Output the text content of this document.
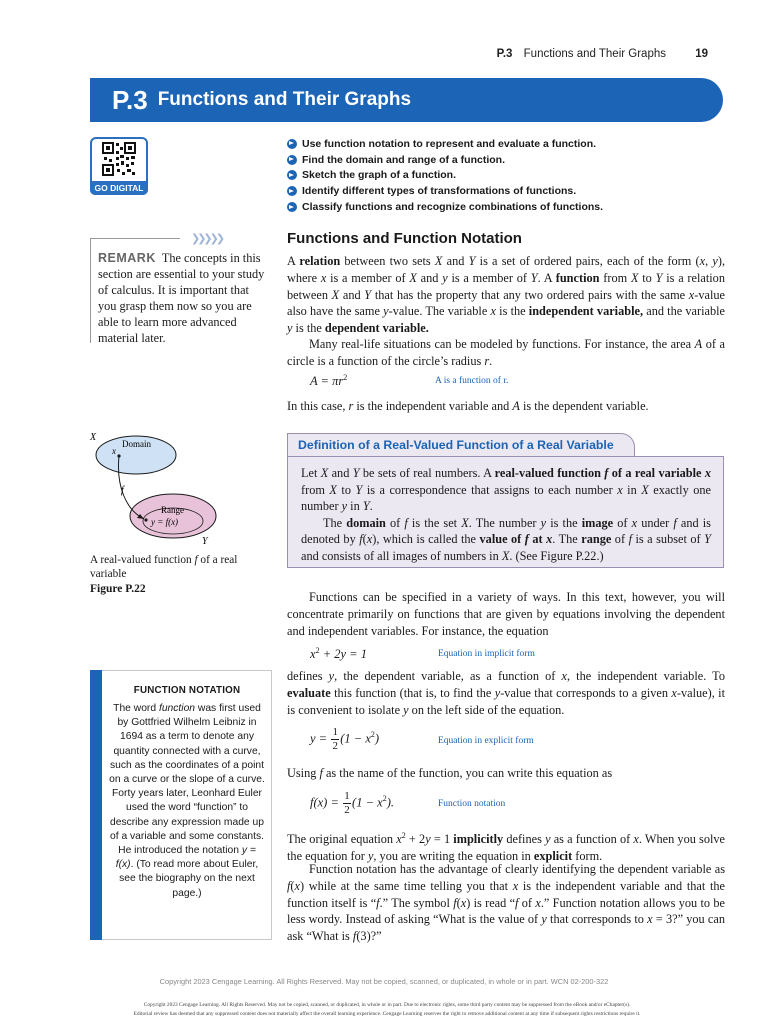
P.3 Functions and Their Graphs	19
P.3 Functions and Their Graphs
GO DIGITAL
Use function notation to represent and evaluate a function.
Find the domain and range of a function.
Sketch the graph of a function.
Identify different types of transformations of functions.
Classify functions and recognize combinations of functions.
❯❯❯❯❯
REMARK The concepts in this section are essential to your study of calculus. It is important that you grasp them now so you are able to learn more advanced material later.
Functions and Function Notation
A relation between two sets X and Y is a set of ordered pairs, each of the form (x, y), where x is a member of X and y is a member of Y. A function from X to Y is a relation between X and Y that has the property that any two ordered pairs with the same x-value also have the same y-value. The variable x is the independent variable, and the variable y is the dependent variable.
Many real-life situations can be modeled by functions. For instance, the area A of a circle is a function of the circle’s radius r.
$A = \pi r^2$	A is a function of r.
In this case, r is the independent variable and A is the dependent variable.
Definition of a Real-Valued Function of a Real Variable
Let X and Y be sets of real numbers. A real-valued function f of a real variable x from X to Y is a correspondence that assigns to each number x in X exactly one number y in Y.
The domain of f is the set X. The number y is the image of x under f and is denoted by f(x), which is called the value of f at x. The range of f is a subset of Y and consists of all images of numbers in X. (See Figure P.22.)
X
Domain
x
f
Range
y = f(x)
Y
A real-valued function f of a real variable
Figure P.22
Functions can be specified in a variety of ways. In this text, however, you will concentrate primarily on functions that are given by equations involving the dependent and independent variables. For instance, the equation
$x^2 + 2y = 1$	Equation in implicit form
defines y, the dependent variable, as a function of x, the independent variable. To evaluate this function (that is, to find the y-value that corresponds to a given x-value), it is convenient to isolate y on the left side of the equation.
$y = \frac{1}{2} (1 - x^2)$	Equation in explicit form
Using f as the name of the function, you can write this equation as
$f(x) = \frac{1}{2} (1 - x^2)$.	Function notation
The original equation $x^2 + 2y = 1$ implicitly defines y as a function of x. When you solve the equation for y, you are writing the equation in explicit form.
Function notation has the advantage of clearly identifying the dependent variable as f(x) while at the same time telling you that x is the independent variable and that the function itself is “f.” The symbol f(x) is read “f of x.” Function notation allows you to be less wordy. Instead of asking “What is the value of y that corresponds to x = 3?” you can ask “What is f(3)?”
FUNCTION NOTATION
The word function was first used by Gottfried Wilhelm Leibniz in 1694 as a term to denote any quantity connected with a curve, such as the coordinates of a point on a curve or the slope of a curve. Forty years later, Leonhard Euler used the word “function” to describe any expression made up of a variable and some constants. He introduced the notation y = f(x). (To read more about Euler, see the biography on the next page.)
Copyright 2023 Cengage Learning. All Rights Reserved. May not be copied, scanned, or duplicated, in whole or in part. WCN 02-200-322
Copyright 2023 Cengage Learning. All Rights Reserved. May not be copied, scanned, or duplicated, in whole or in part. Due to electronic rights, some third party content may be suppressed from the eBook and/or eChapter(s).
Editorial review has deemed that any suppressed content does not materially affect the overall learning experience. Cengage Learning reserves the right to remove additional content at any time if subsequent rights restrictions require it.
